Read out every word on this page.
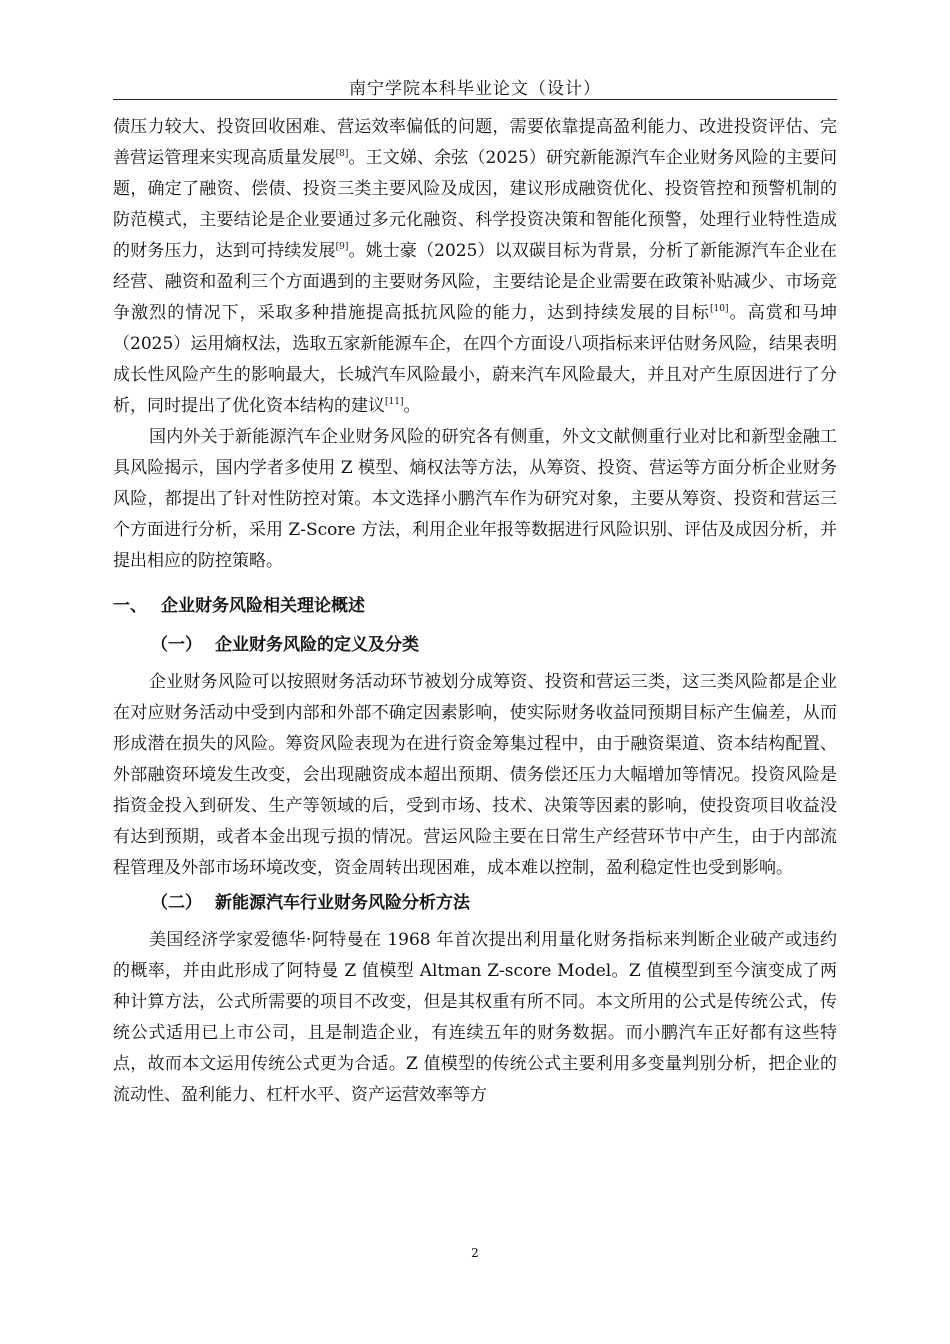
南宁学院本科毕业论文（设计）

债压力较大、投资回收困难、营运效率偏低的问题，需要依靠提高盈利能力、改进投资评估、完善营运管理来实现高质量发展[8]。王文娣、余弦（2025）研究新能源汽车企业财务风险的主要问题，确定了融资、偿债、投资三类主要风险及成因，建议形成融资优化、投资管控和预警机制的防范模式，主要结论是企业要通过多元化融资、科学投资决策和智能化预警，处理行业特性造成的财务压力，达到可持续发展[9]。姚士豪（2025）以双碳目标为背景，分析了新能源汽车企业在经营、融资和盈利三个方面遇到的主要财务风险，主要结论是企业需要在政策补贴减少、市场竞争激烈的情况下，采取多种措施提高抵抗风险的能力，达到持续发展的目标[10]。高赏和马坤（2025）运用熵权法，选取五家新能源车企，在四个方面设八项指标来评估财务风险，结果表明成长性风险产生的影响最大，长城汽车风险最小，蔚来汽车风险最大，并且对产生原因进行了分析，同时提出了优化资本结构的建议[11]。

国内外关于新能源汽车企业财务风险的研究各有侧重，外文文献侧重行业对比和新型金融工具风险揭示，国内学者多使用 Z 模型、熵权法等方法，从筹资、投资、营运等方面分析企业财务风险，都提出了针对性防控对策。本文选择小鹏汽车作为研究对象，主要从筹资、投资和营运三个方面进行分析，采用 Z-Score 方法，利用企业年报等数据进行风险识别、评估及成因分析，并提出相应的防控策略。

一、 企业财务风险相关理论概述
（一） 企业财务风险的定义及分类

企业财务风险可以按照财务活动环节被划分成筹资、投资和营运三类，这三类风险都是企业在对应财务活动中受到内部和外部不确定因素影响，使实际财务收益同预期目标产生偏差，从而形成潜在损失的风险。筹资风险表现为在进行资金筹集过程中，由于融资渠道、资本结构配置、外部融资环境发生改变，会出现融资成本超出预期、债务偿还压力大幅增加等情况。投资风险是指资金投入到研发、生产等领域的后，受到市场、技术、决策等因素的影响，使投资项目收益没有达到预期，或者本金出现亏损的情况。营运风险主要在日常生产经营环节中产生，由于内部流程管理及外部市场环境改变，资金周转出现困难，成本难以控制，盈利稳定性也受到影响。

（二） 新能源汽车行业财务风险分析方法

美国经济学家爱德华·阿特曼在 1968 年首次提出利用量化财务指标来判断企业破产或违约的概率，并由此形成了阿特曼 Z 值模型 Altman Z-score Model。Z 值模型到至今演变成了两种计算方法，公式所需要的项目不改变，但是其权重有所不同。本文所用的公式是传统公式，传统公式适用已上市公司，且是制造企业，有连续五年的财务数据。而小鹏汽车正好都有这些特点，故而本文运用传统公式更为合适。Z 值模型的传统公式主要利用多变量判别分析，把企业的流动性、盈利能力、杠杆水平、资产运营效率等方

2
